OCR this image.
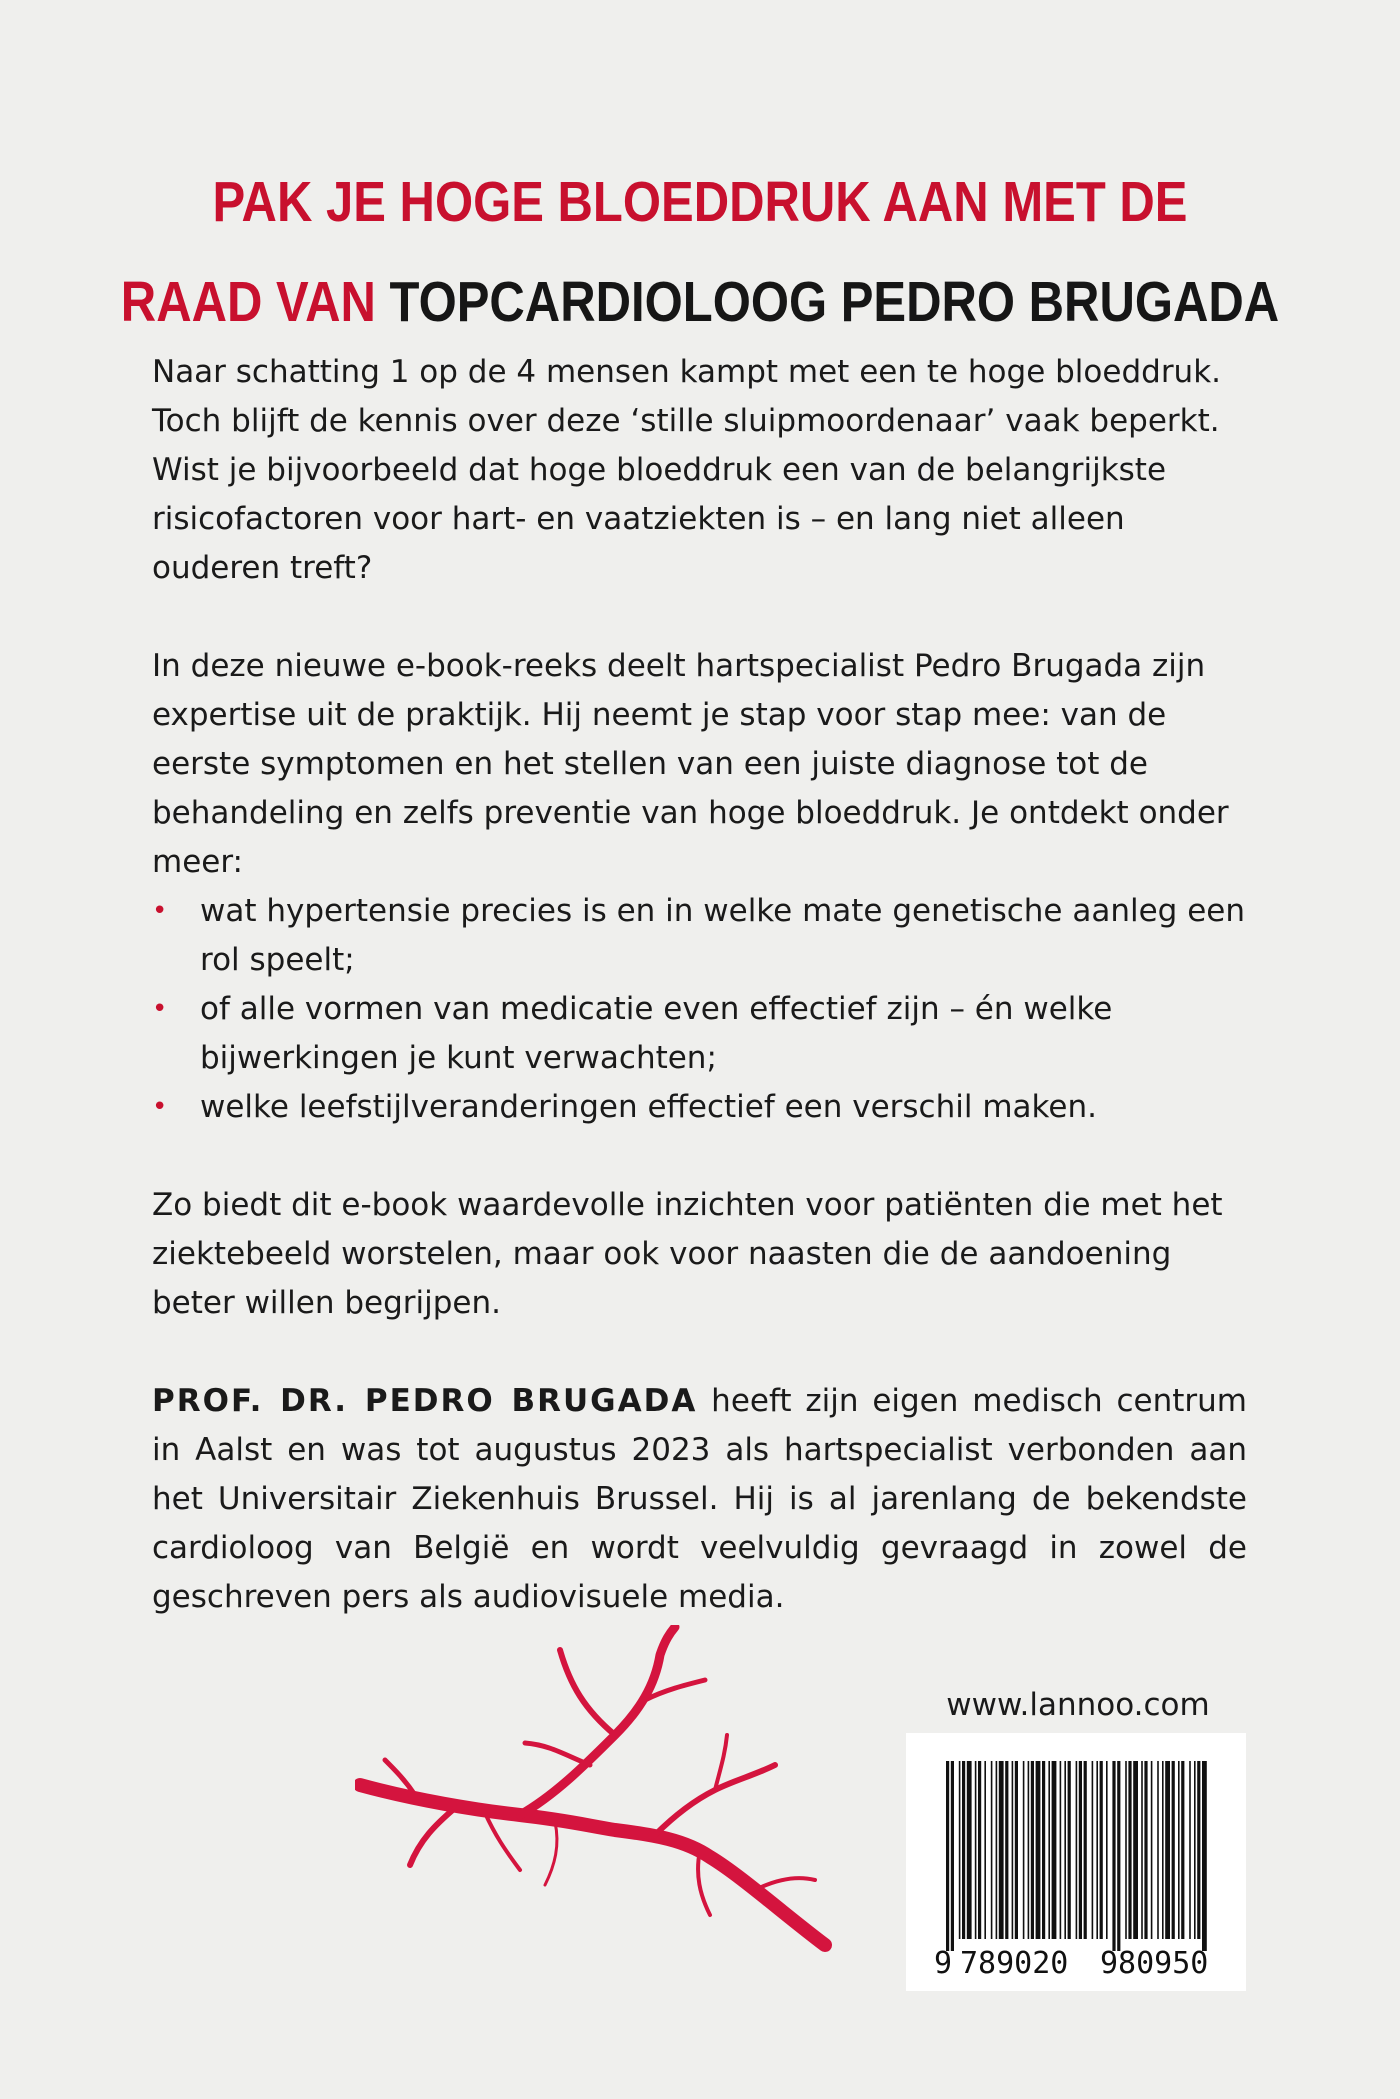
PAK JE HOGE BLOEDDRUK AAN MET DE
RAAD VAN TOPCARDIOLOOG PEDRO BRUGADA

Naar schatting 1 op de 4 mensen kampt met een te hoge bloeddruk. Toch blijft de kennis over deze ‘stille sluipmoordenaar’ vaak beperkt. Wist je bijvoorbeeld dat hoge bloeddruk een van de belangrijkste risicofactoren voor hart- en vaatziekten is – en lang niet alleen ouderen treft?

In deze nieuwe e-book-reeks deelt hartspecialist Pedro Brugada zijn expertise uit de praktijk. Hij neemt je stap voor stap mee: van de eerste symptomen en het stellen van een juiste diagnose tot de behandeling en zelfs preventie van hoge bloeddruk. Je ontdekt onder meer:

• wat hypertensie precies is en in welke mate genetische aanleg een rol speelt;
• of alle vormen van medicatie even effectief zijn – én welke bijwerkingen je kunt verwachten;
• welke leefstijlveranderingen effectief een verschil maken.

Zo biedt dit e-book waardevolle inzichten voor patiënten die met het ziektebeeld worstelen, maar ook voor naasten die de aandoening beter willen begrijpen.

PROF. DR. PEDRO BRUGADA heeft zijn eigen medisch centrum in Aalst en was tot augustus 2023 als hartspecialist verbonden aan het Universitair Ziekenhuis Brussel. Hij is al jarenlang de bekendste cardioloog van België en wordt veelvuldig gevraagd in zowel de geschreven pers als audiovisuele media.

www.lannoo.com
9 789020 980950
